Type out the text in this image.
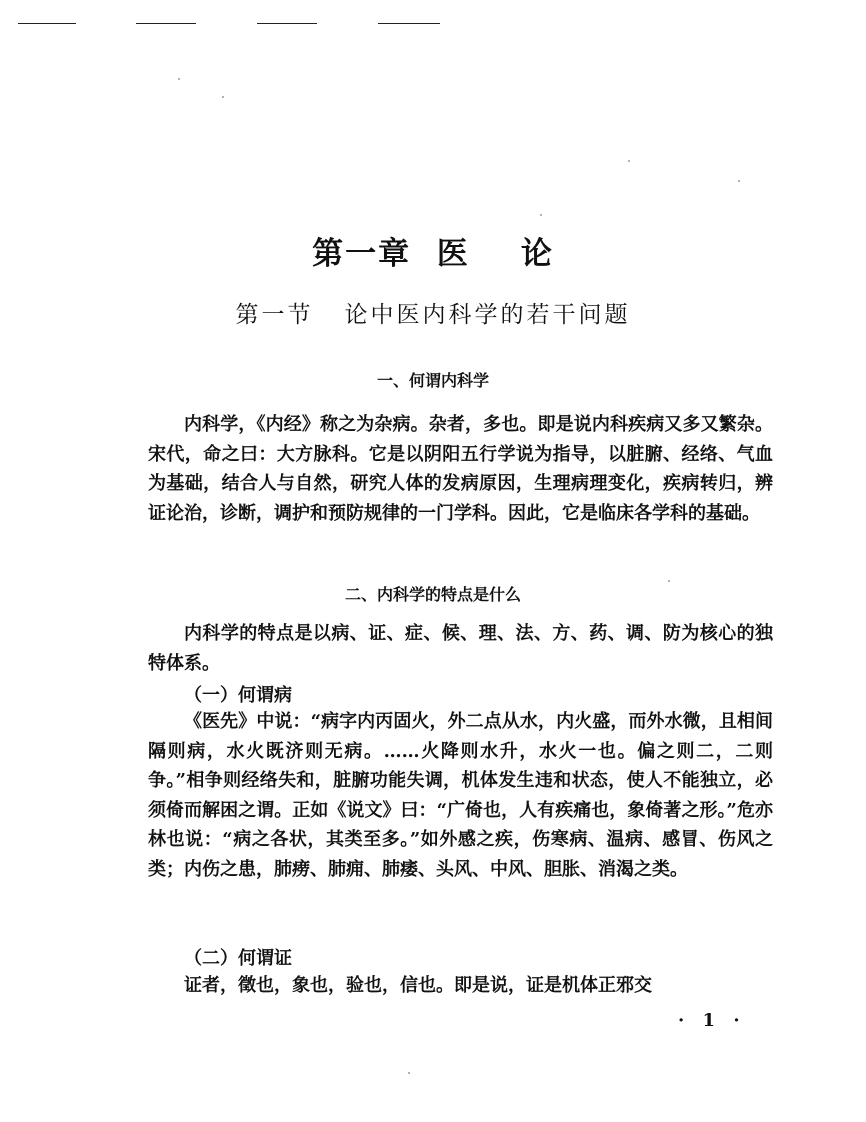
第一章  医    论
第一节   论中医内科学的若干问题
一、何谓内科学

内科学，《内经》称之为杂病。杂者，多也。即是说内科疾病又多又繁杂。宋代，命之曰：大方脉科。它是以阴阳五行学说为指导，以脏腑、经络、气血为基础，结合人与自然，研究人体的发病原因，生理病理变化，疾病转归，辨证论治，诊断，调护和预防规律的一门学科。因此，它是临床各学科的基础。

二、内科学的特点是什么

内科学的特点是以病、证、症、候、理、法、方、药、调、防为核心的独特体系。

（一）何谓病

《医先》中说：“病字内丙固火，外二点从水，内火盛，而外水微，且相间隔则病，水火既济则无病。……火降则水升，水火一也。偏之则二，二则争。”相争则经络失和，脏腑功能失调，机体发生违和状态，使人不能独立，必须倚而解困之谓。正如《说文》曰：“广倚也，人有疾痛也，象倚著之形。”危亦林也说：“病之各状，其类至多。”如外感之疾，伤寒病、温病、感冒、伤风之类；内伤之患，肺痨、肺痈、肺痿、头风、中风、胆胀、消渴之类。

（二）何谓证

证者，徵也，象也，验也，信也。即是说，证是机体正邪交

· 1 ·
